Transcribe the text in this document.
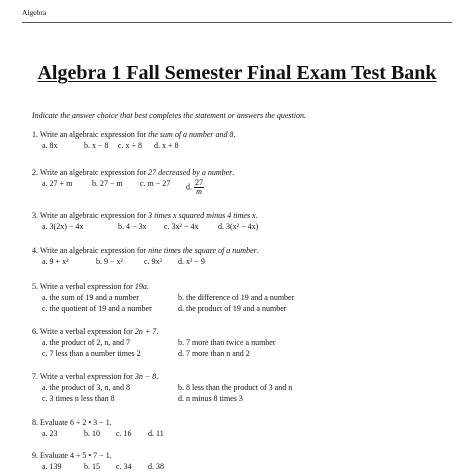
Algebra
Algebra 1 Fall Semester Final Exam Test Bank
Indicate the answer choice that best completes the statement or answers the question.
1. Write an algebraic expression for the sum of a number and 8.
a. 8x	b. x − 8 c. x ÷ 8 d. x + 8
2. Write an algebraic expression for 27 decreased by a number.
a. 27 + m b. 27 − m c. m − 27 d. $\frac{27}{m}$
3. Write an algebraic expression for 3 times x squared minus 4 times x.
a. 3(2x) − 4x	b. 4 − 3x c. 3x² − 4x d. 3(x² − 4x)
4. Write an algebraic expression for nine times the square of a number.
a. 9 + x²	b. 9 − x²	c. 9x² d. x² − 9
5. Write a verbal expression for 19a.
a. the sum of 19 and a number	b. the difference of 19 and a number
c. the quotient of 19 and a number	d. the product of 19 and a number
6. Write a verbal expression for 2n + 7.
a. the product of 2, n, and 7	b. 7 more than twice a number
c. 7 less than a number times 2	d. 7 more than n and 2
7. Write a verbal expression for 3n − 8.
a. the product of 3, n, and 8	b. 8 less than the product of 3 and n
c. 3 times n less than 8	d. n minus 8 times 3
8. Evaluate 6 ÷ 2 • 3 − 1.
a. 23	b. 10 c. 16 d. 11
9. Evaluate 4 ÷ 5 • 7 − 1.
a. 139	b. 15 c. 34 d. 38
